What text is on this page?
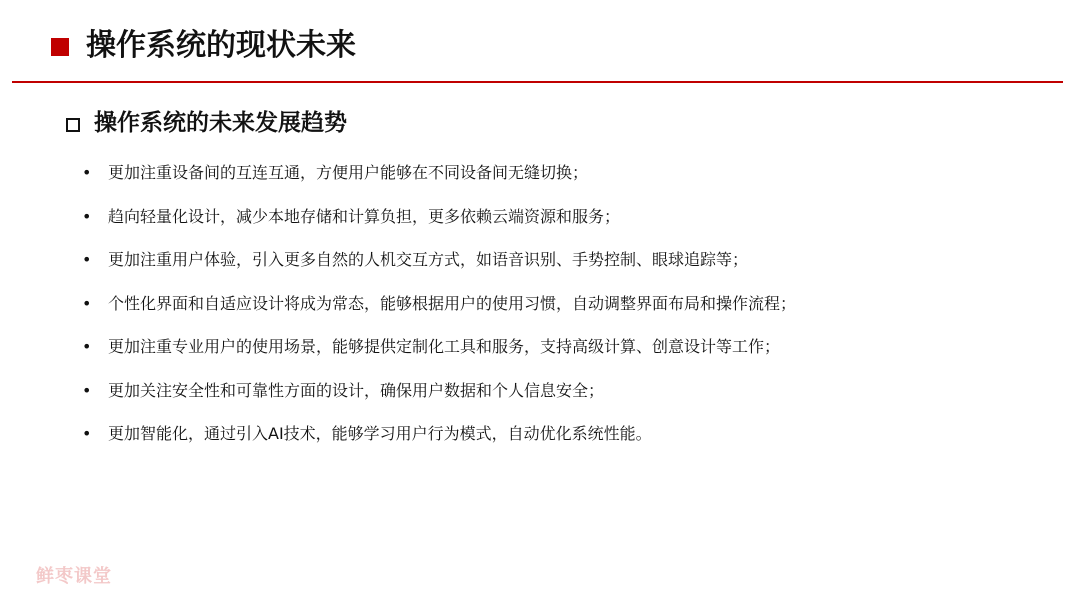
操作系统的现状未来
操作系统的未来发展趋势
• 更加注重设备间的互连互通，方便用户能够在不同设备间无缝切换；
• 趋向轻量化设计，减少本地存储和计算负担，更多依赖云端资源和服务；
• 更加注重用户体验，引入更多自然的人机交互方式，如语音识别、手势控制、眼球追踪等；
• 个性化界面和自适应设计将成为常态，能够根据用户的使用习惯，自动调整界面布局和操作流程；
• 更加注重专业用户的使用场景，能够提供定制化工具和服务，支持高级计算、创意设计等工作；
• 更加关注安全性和可靠性方面的设计，确保用户数据和个人信息安全；
• 更加智能化，通过引入AI技术，能够学习用户行为模式，自动优化系统性能。
鲜枣课堂
